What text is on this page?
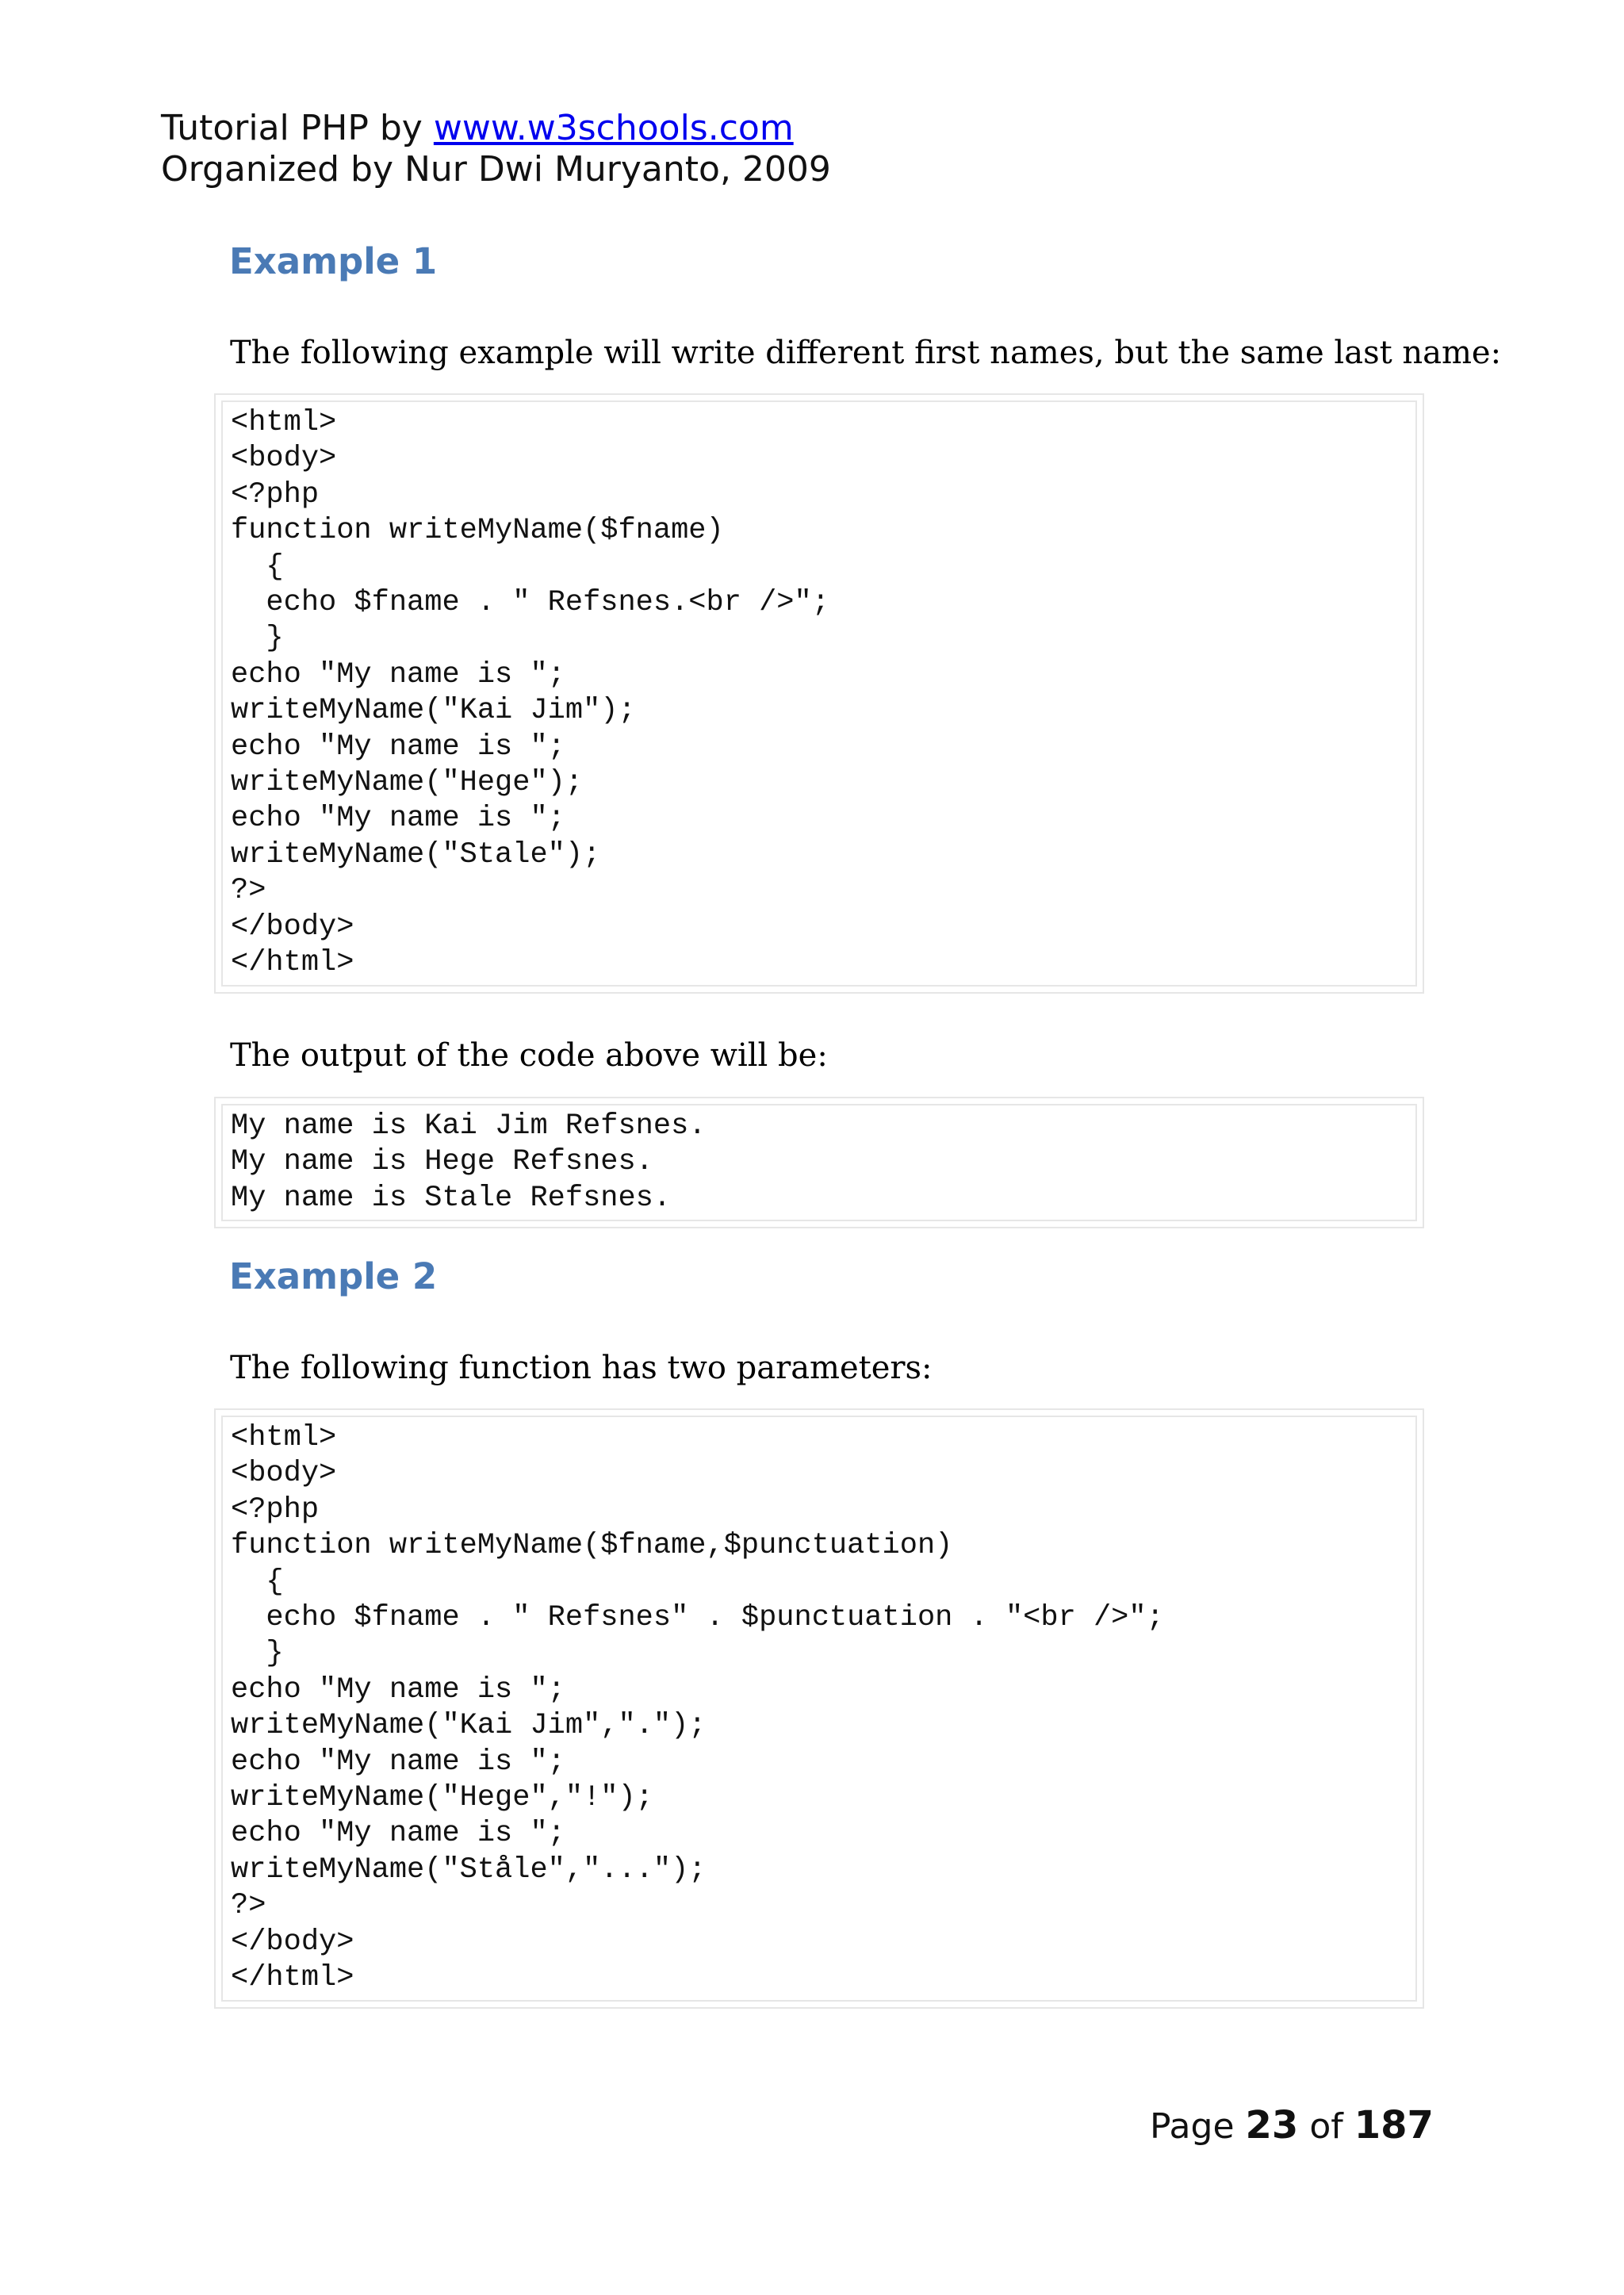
Tutorial PHP by www.w3schools.com
Organized by Nur Dwi Muryanto, 2009
Example 1
The following example will write different first names, but the same last name:
<html>
<body>
<?php
function writeMyName($fname)
{
echo $fname . " Refsnes.<br />";
}
echo "My name is ";
writeMyName("Kai Jim");
echo "My name is ";
writeMyName("Hege");
echo "My name is ";
writeMyName("Stale");
?>
</body>
</html>
The output of the code above will be:
My name is Kai Jim Refsnes.
My name is Hege Refsnes.
My name is Stale Refsnes.
Example 2
The following function has two parameters:
<html>
<body>
<?php
function writeMyName($fname,$punctuation)
{
echo $fname . " Refsnes" . $punctuation . "<br />";
}
echo "My name is ";
writeMyName("Kai Jim",".");
echo "My name is ";
writeMyName("Hege","!");
echo "My name is ";
writeMyName("Ståle","...");
?>
</body>
</html>
Page 23 of 187
